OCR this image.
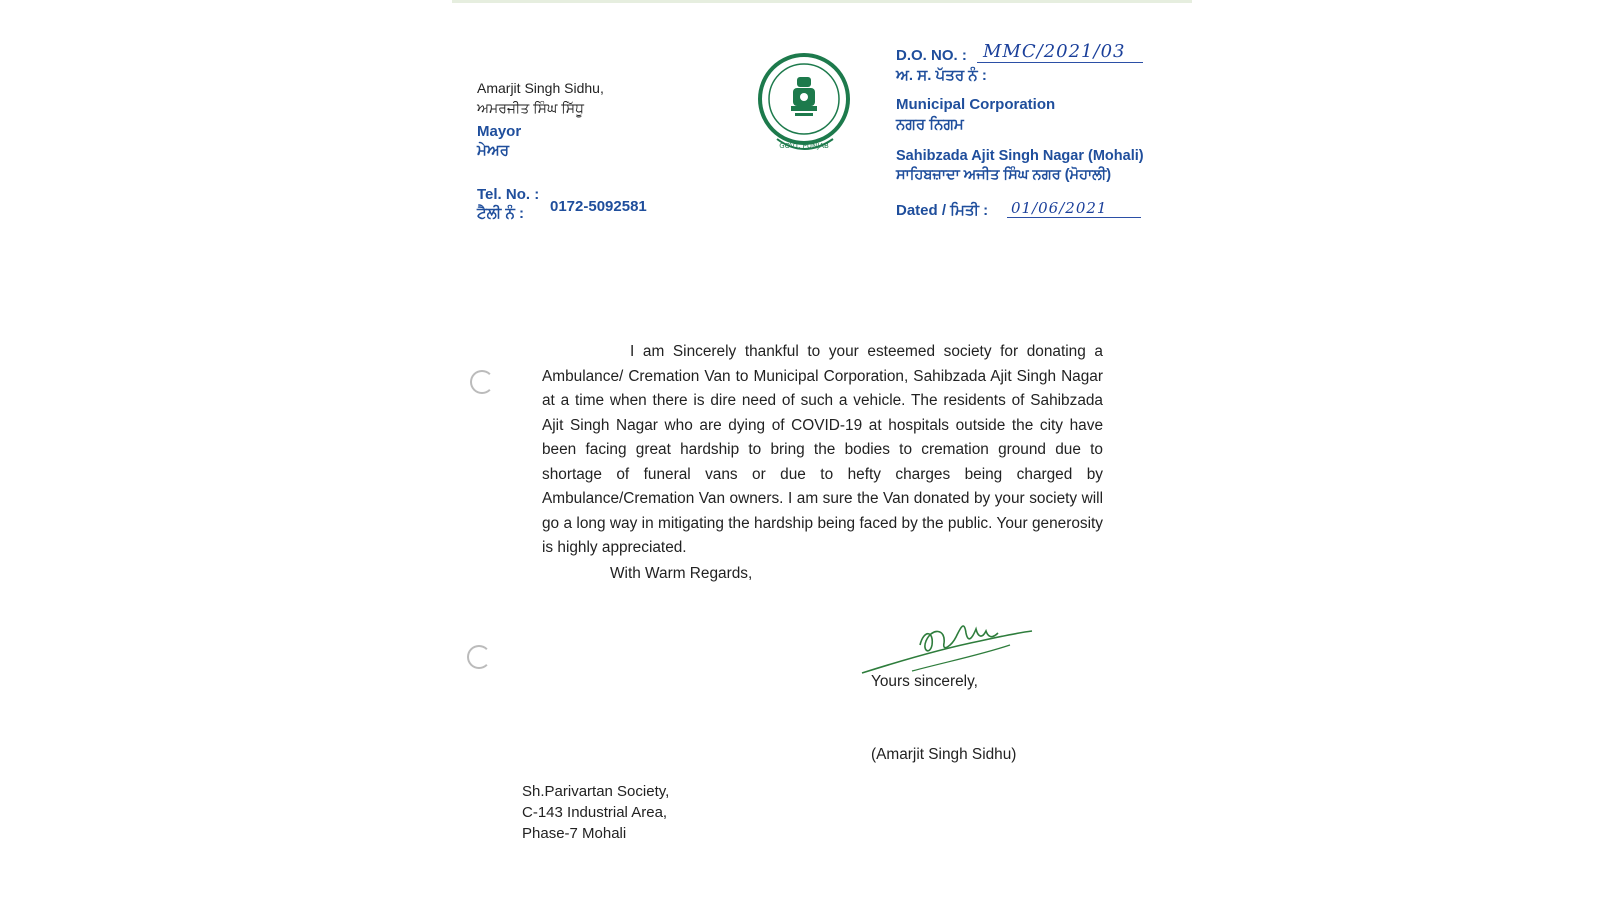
Amarjit Singh Sidhu,
ਅਮਰਜੀਤ ਸਿੰਘ ਸਿੱਧੂ
Mayor
ਮੇਅਰ
Tel. No. :
ਟੈਲੀ ਨੰ : 0172-5092581
GOVT. PUNJAB
D.O. NO. : MMC/2021/03
ਅ. ਸ. ਪੱਤਰ ਨੰ :
Municipal Corporation
ਨਗਰ ਨਿਗਮ
Sahibzada Ajit Singh Nagar (Mohali)
ਸਾਹਿਬਜ਼ਾਦਾ ਅਜੀਤ ਸਿੰਘ ਨਗਰ (ਮੋਹਾਲੀ)
Dated / ਮਿਤੀ : 01/06/2021
I am Sincerely thankful to your esteemed society for donating a Ambulance/ Cremation Van to Municipal Corporation, Sahibzada Ajit Singh Nagar at a time when there is dire need of such a vehicle. The residents of Sahibzada Ajit Singh Nagar who are dying of COVID-19 at hospitals outside the city have been facing great hardship to bring the bodies to cremation ground due to shortage of funeral vans or due to hefty charges being charged by Ambulance/Cremation Van owners. I am sure the Van donated by your society will go a long way in mitigating the hardship being faced by the public. Your generosity is highly appreciated.
With Warm Regards,
Yours sincerely,
(Amarjit Singh Sidhu)
Sh.Parivartan Society,
C-143 Industrial Area,
Phase-7 Mohali
